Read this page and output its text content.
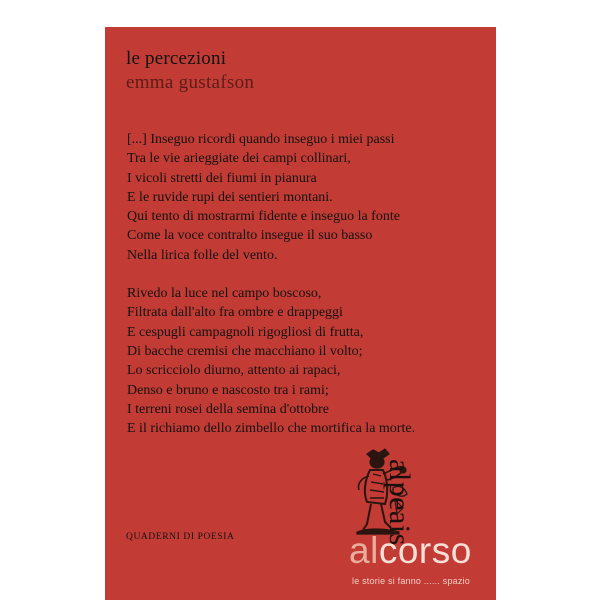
le percezioni
emma gustafson
[...] Inseguo ricordi quando inseguo i miei passi
Tra le vie arieggiate dei campi collinari,
I vicoli stretti dei fiumi in pianura
E le ruvide rupi dei sentieri montani.
Qui tento di mostrarmi fidente e inseguo la fonte
Come la voce contralto insegue il suo basso
Nella lirica folle del vento.
Rivedo la luce nel campo boscoso,
Filtrata dall'alto fra ombre e drappeggi
E cespugli campagnoli rigogliosi di frutta,
Di bacche cremisi che macchiano il volto;
Lo scricciolo diurno, attento ai rapaci,
Denso e bruno e nascosto tra i rami;
I terreni rosei della semina d'ottobre
E il richiamo dello zimbello che mortifica la morte.
QUADERNI DI POESIA	alpeais
alcorso
le storie si fanno ...... spazio
